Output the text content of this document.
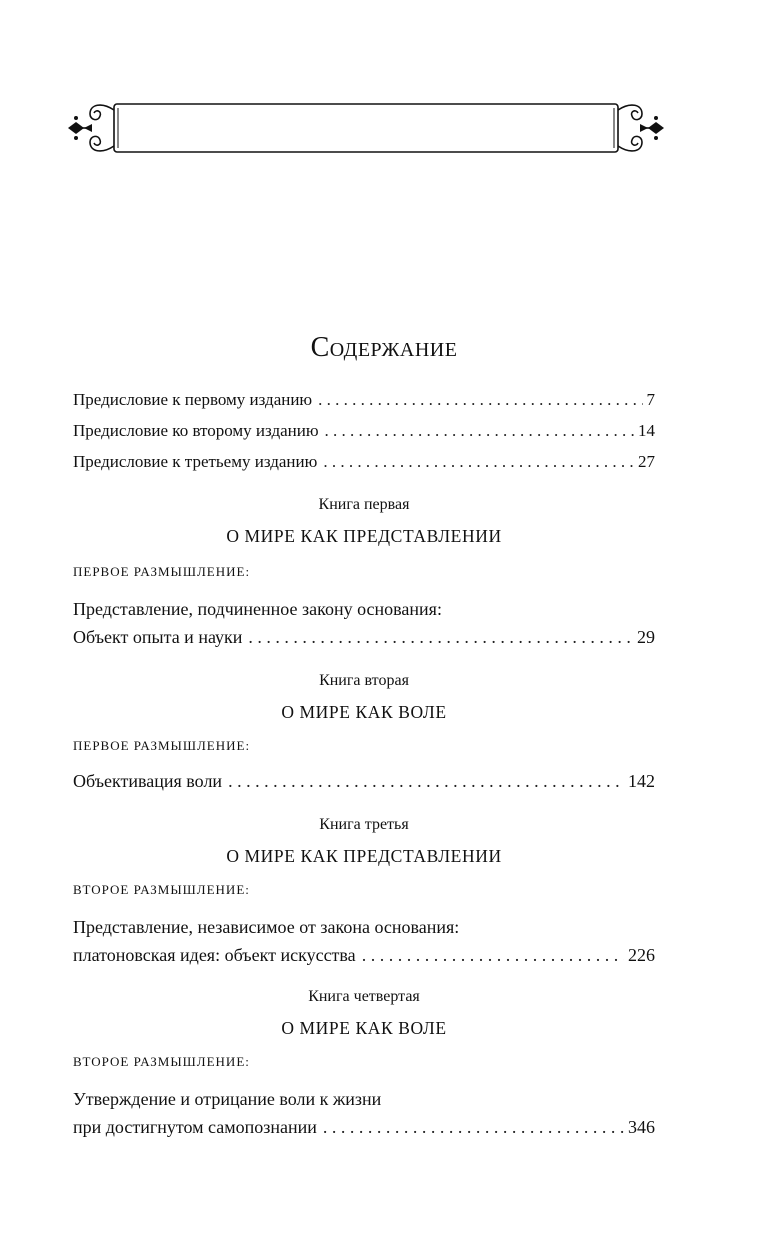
Содержание
Предисловие к первому изданию . . .	7
Предисловие ко второму изданию . . .	14
Предисловие к третьему изданию . . .	27
Книга первая
О МИРЕ КАК ПРЕДСТАВЛЕНИИ
ПЕРВОЕ РАЗМЫШЛЕНИЕ:
Представление, подчиненное закону основания:
Объект опыта и науки . . .	29
Книга вторая
О МИРЕ КАК ВОЛЕ
ПЕРВОЕ РАЗМЫШЛЕНИЕ:
Объективация воли . . .	142
Книга третья
О МИРЕ КАК ПРЕДСТАВЛЕНИИ
ВТОРОЕ РАЗМЫШЛЕНИЕ:
Представление, независимое от закона основания:
платоновская идея: объект искусства . . .	226
Книга четвертая
О МИРЕ КАК ВОЛЕ
ВТОРОЕ РАЗМЫШЛЕНИЕ:
Утверждение и отрицание воли к жизни
при достигнутом самопознании . . .	346
